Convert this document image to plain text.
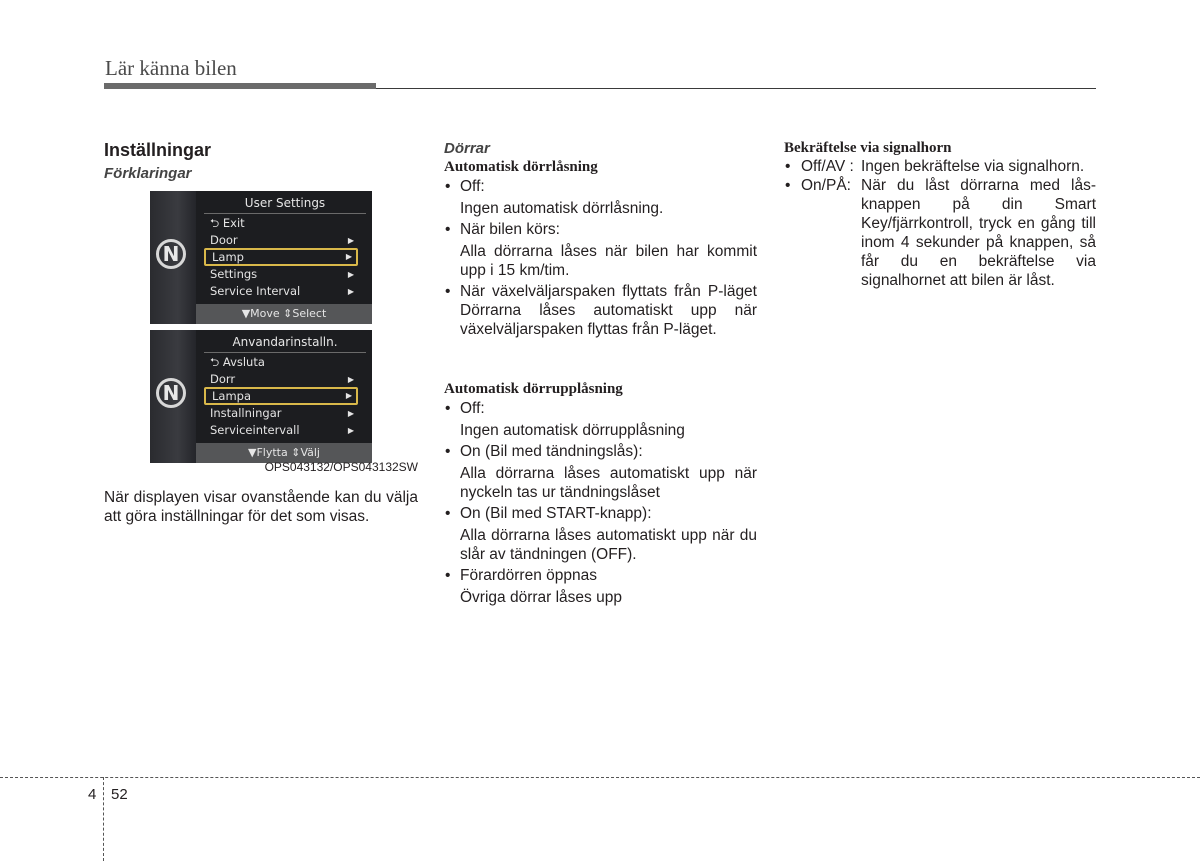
Lär känna bilen

Inställningar

Förklaringar

N
User Settings
⮌ Exit
Door	▶
Lamp	▶
Settings	▶
Service Interval	▶
▼Move ⇕Select
N
Anvandarinstalln.
⮌ Avsluta
Dorr	▶
Lampa	▶
Installningar	▶
Serviceintervall	▶
▼Flytta ⇕Välj
OPS043132/OPS043132SW

När displayen visar ovanstående kan du välja att göra inställningar för det som visas.

Dörrar

Automatisk dörrlåsning

• Off:

Ingen automatisk dörrlåsning.

• När bilen körs:

Alla dörrarna låses när bilen har kommit upp i 15 km/tim.

• När växelväljarspaken flyttats från P-läget Dörrarna låses automatiskt upp när växelväljarspaken flyttas från P-läget.

Automatisk dörrupplåsning

• Off:

Ingen automatisk dörrupplåsning

• On (Bil med tändningslås):

Alla dörrarna låses automatiskt upp när nyckeln tas ur tändningslåset

• On (Bil med START-knapp):

Alla dörrarna låses automatiskt upp när du slår av tändningen (OFF).

• Förardörren öppnas

Övriga dörrar låses upp

Bekräftelse via signalhorn

• Off/AV : Ingen bekräftelse via signalhorn.
• On/PÅ: När du låst dörrarna med lås-knappen på din Smart Key/fjärrkontroll, tryck en gång till inom 4 sekunder på knappen, så får du en bekräftelse via signalhornet att bilen är låst.
4 52
